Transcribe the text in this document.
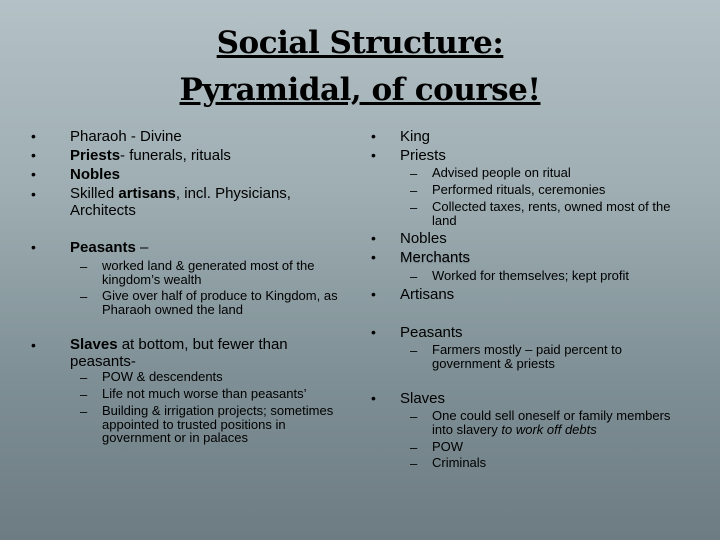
Social Structure:
Pyramidal, of course!
• Pharaoh - Divine
• Priests- funerals, rituals
• Nobles
• Skilled artisans, incl. Physicians, Architects
• Peasants –
– worked land & generated most of the kingdom’s wealth
– Give over half of produce to Kingdom, as Pharaoh owned the land
• Slaves at bottom, but fewer than peasants-
– POW & descendents
– Life not much worse than peasants’
– Building & irrigation projects; sometimes appointed to trusted positions in government or in palaces
• King
• Priests
– Advised people on ritual
– Performed rituals, ceremonies
– Collected taxes, rents, owned most of the land
• Nobles
• Merchants
– Worked for themselves; kept profit
• Artisans
• Peasants
– Farmers mostly – paid percent to government & priests
• Slaves
– One could sell oneself or family members into slavery to work off debts
– POW
– Criminals
